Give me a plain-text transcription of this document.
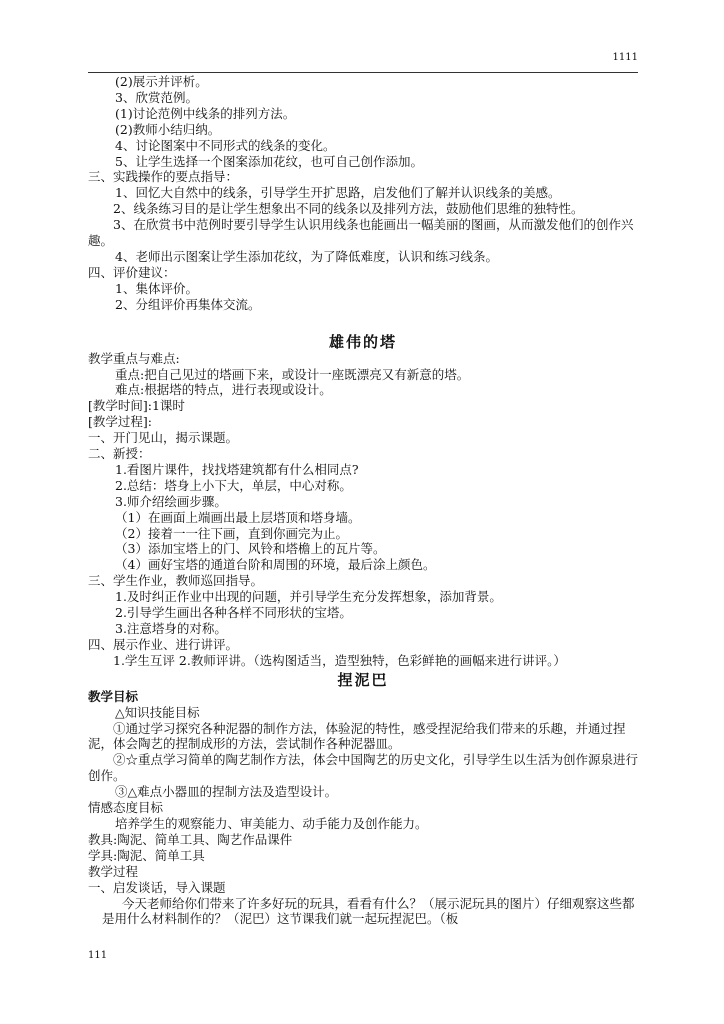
1111
(2)展示并评析。
3、欣赏范例。
(1)讨论范例中线条的排列方法。
(2)教师小结归纳。
4、讨论图案中不同形式的线条的变化。
5、让学生选择一个图案添加花纹，也可自己创作添加。
三、实践操作的要点指导：
1、回忆大自然中的线条，引导学生开扩思路，启发他们了解并认识线条的美感。
2、线条练习目的是让学生想象出不同的线条以及排列方法，鼓励他们思维的独特性。
3、在欣赏书中范例时要引导学生认识用线条也能画出一幅美丽的图画，从而激发他们的创作兴趣。
4、老师出示图案让学生添加花纹，为了降低难度，认识和练习线条。
四、评价建议：
1、集体评价。
2、分组评价再集体交流。
雄伟的塔
教学重点与难点:
重点:把自己见过的塔画下来，或设计一座既漂亮又有新意的塔。
难点:根据塔的特点，进行表现或设计。
[教学时间]:1课时
[教学过程]:
一、开门见山，揭示课题。
二、新授：
1.看图片课件，找找塔建筑都有什么相同点?
2.总结：塔身上小下大，单层，中心对称。
3.师介绍绘画步骤。
（1）在画面上端画出最上层塔顶和塔身墙。
（2）接着一一往下画，直到你画完为止。
（3）添加宝塔上的门、风铃和塔檐上的瓦片等。
（4）画好宝塔的通道台阶和周围的环境，最后涂上颜色。
三、学生作业，教师巡回指导。
1.及时纠正作业中出现的问题，并引导学生充分发挥想象，添加背景。
2.引导学生画出各种各样不同形状的宝塔。
3.注意塔身的对称。
四、展示作业、进行讲评。
1.学生互评 2.教师评讲。（选构图适当，造型独特，色彩鲜艳的画幅来进行讲评。）
捏泥巴
教学目标
△知识技能目标
①通过学习探究各种泥器的制作方法，体验泥的特性，感受捏泥给我们带来的乐趣，并通过捏泥，体会陶艺的捏制成形的方法，尝试制作各种泥器皿。
②☆重点学习简单的陶艺制作方法，体会中国陶艺的历史文化，引导学生以生活为创作源泉进行创作。
③△难点小器皿的捏制方法及造型设计。
情感态度目标
培养学生的观察能力、审美能力、动手能力及创作能力。
教具:陶泥、简单工具、陶艺作品课件
学具:陶泥、简单工具
教学过程
一、启发谈话，导入课题
今天老师给你们带来了许多好玩的玩具，看看有什么？（展示泥玩具的图片）仔细观察这些都是用什么材料制作的？（泥巴）这节课我们就一起玩捏泥巴。（板
111
